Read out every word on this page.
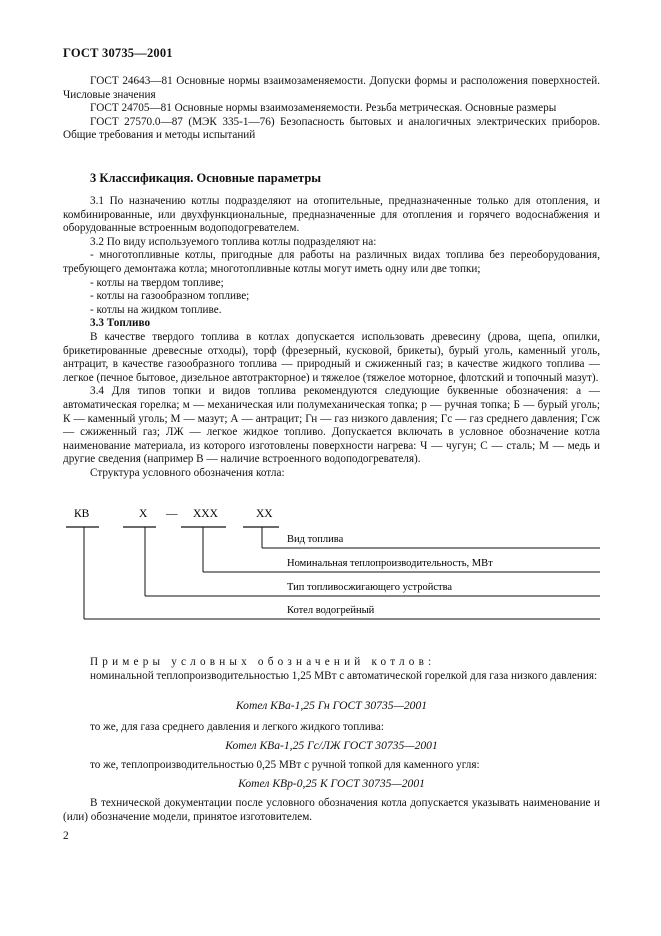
ГОСТ 30735—2001

ГОСТ 24643—81 Основные нормы взаимозаменяемости. Допуски формы и расположения поверхностей. Числовые значения

ГОСТ 24705—81 Основные нормы взаимозаменяемости. Резьба метрическая. Основные размеры

ГОСТ 27570.0—87 (МЭК 335-1—76) Безопасность бытовых и аналогичных электрических приборов. Общие требования и методы испытаний

3 Классификация. Основные параметры

3.1 По назначению котлы подразделяют на отопительные, предназначенные только для отопления, и комбинированные, или двухфункциональные, предназначенные для отопления и горячего водоснабжения и оборудованные встроенным водоподогревателем.

3.2 По виду используемого топлива котлы подразделяют на:

- многотопливные котлы, пригодные для работы на различных видах топлива без переоборудования, требующего демонтажа котла; многотопливные котлы могут иметь одну или две топки;

- котлы на твердом топливе;

- котлы на газообразном топливе;

- котлы на жидком топливе.

3.3 Топливо

В качестве твердого топлива в котлах допускается использовать древесину (дрова, щепа, опилки, брикетированные древесные отходы), торф (фрезерный, кусковой, брикеты), бурый уголь, каменный уголь, антрацит, в качестве газообразного топлива — природный и сжиженный газ; в качестве жидкого топлива — легкое (печное бытовое, дизельное автотракторное) и тяжелое (тяжелое моторное, флотский и топочный мазут).

3.4 Для типов топки и видов топлива рекомендуются следующие буквенные обозначения: а — автоматическая горелка; м — механическая или полумеханическая топка; р — ручная топка; Б — бурый уголь; К — каменный уголь; М — мазут; А — антрацит; Гн — газ низкого давления; Гс — газ среднего давления; Гсж — сжиженный газ; ЛЖ — легкое жидкое топливо. Допускается включать в условное обозначение котла наименование материала, из которого изготовлены поверхности нагрева: Ч — чугун; С — сталь; М — медь и другие сведения (например В — наличие встроенного водоподогревателя).

Структура условного обозначения котла:

КВ	Х — ХХХ	ХХ
Вид топлива
Номинальная теплопроизводительность, МВт
Тип топливосжигающего устройства
Котел водогрейный

Примеры условных обозначений котлов:

номинальной теплопроизводительностью 1,25 МВт с автоматической горелкой для газа низкого давления:

Котел КВа-1,25 Гн ГОСТ 30735—2001

то же, для газа среднего давления и легкого жидкого топлива:

Котел КВа-1,25 Гс/ЛЖ ГОСТ 30735—2001

то же, теплопроизводительностью 0,25 МВт с ручной топкой для каменного угля:

Котел КВр-0,25 К ГОСТ 30735—2001

В технической документации после условного обозначения котла допускается указывать наименование и (или) обозначение модели, принятое изготовителем.

2
